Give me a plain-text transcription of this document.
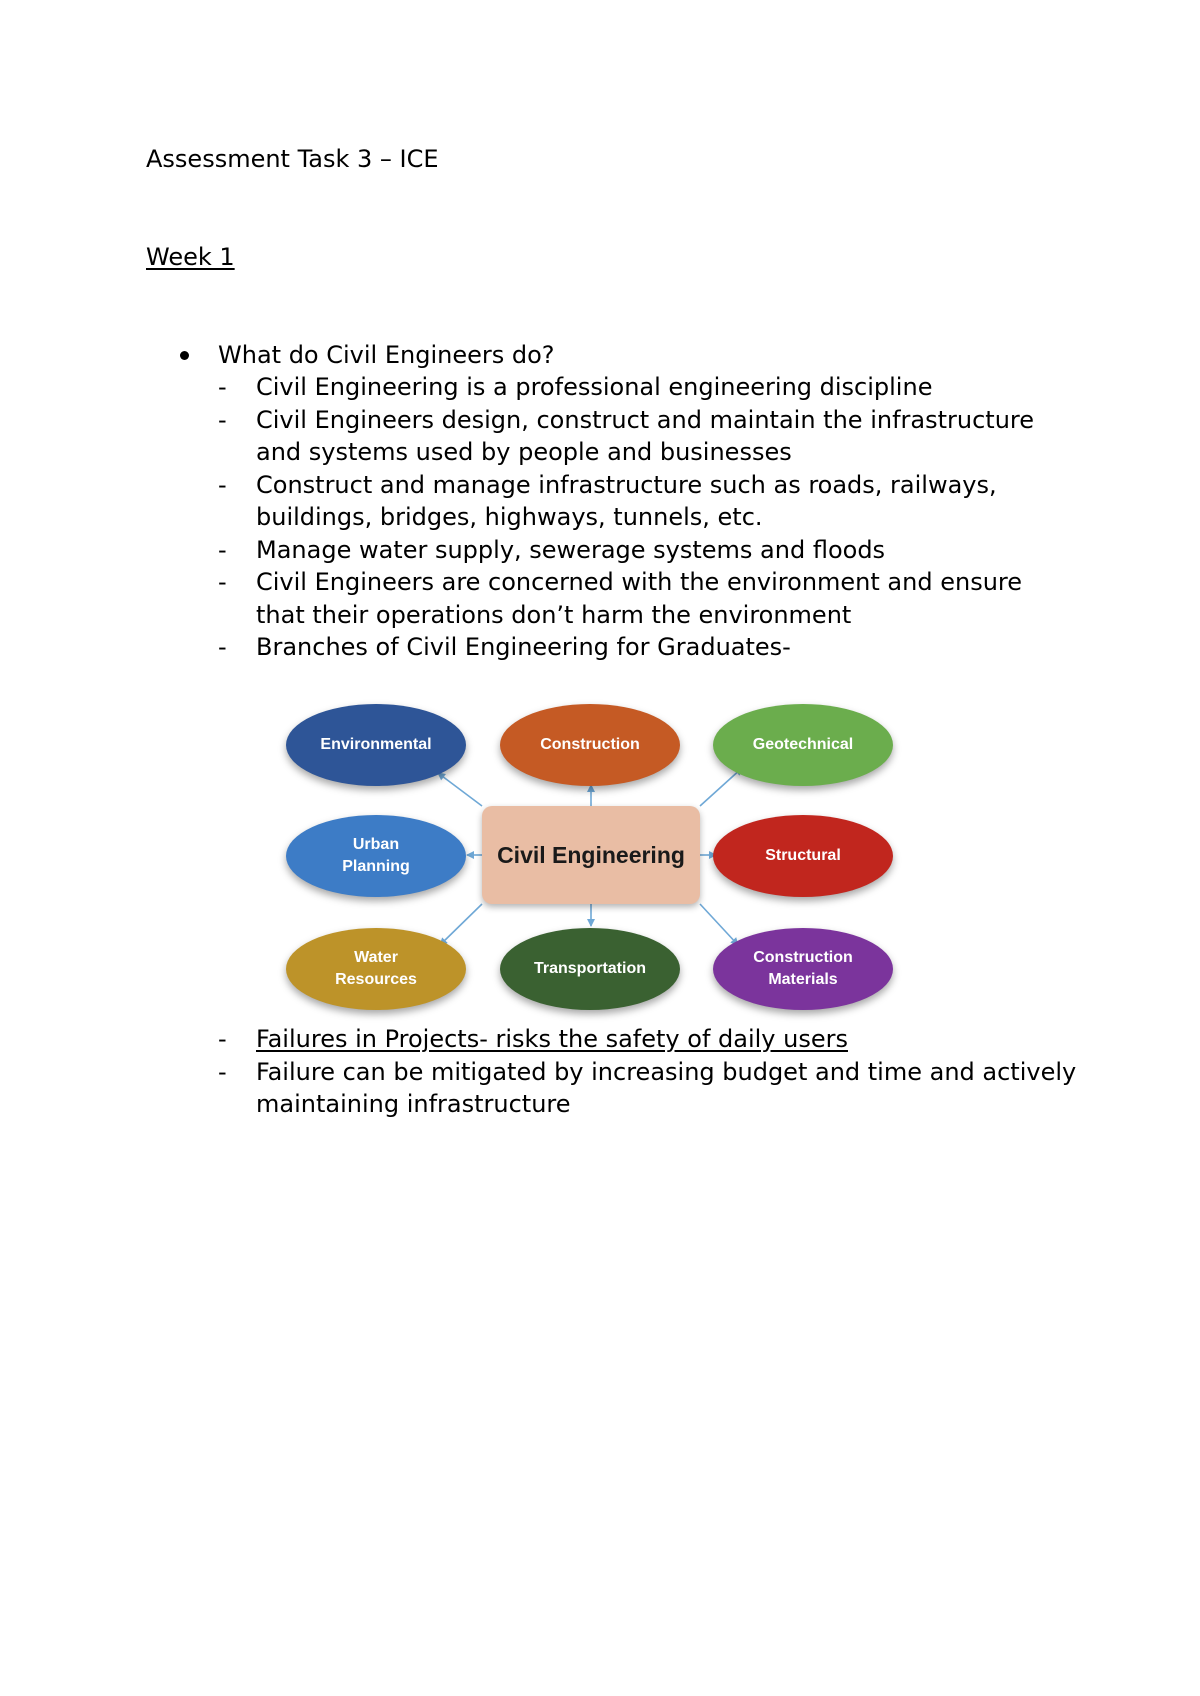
Assessment Task 3 – ICE
Week 1
What do Civil Engineers do?
-	Civil Engineering is a professional engineering discipline
-	Civil Engineers design, construct and maintain the infrastructure and systems used by people and businesses
-	Construct and manage infrastructure such as roads, railways, buildings, bridges, highways, tunnels, etc.
-	Manage water supply, sewerage systems and floods
-	Civil Engineers are concerned with the environment and ensure that their operations don’t harm the environment
-	Branches of Civil Engineering for Graduates-
Environmental	Construction	Geotechnical
Urban Planning	Civil Engineering	Structural
Water Resources
Transportation
Construction Materials
-	Failures in Projects- risks the safety of daily users
-	Failure can be mitigated by increasing budget and time and actively maintaining infrastructure
